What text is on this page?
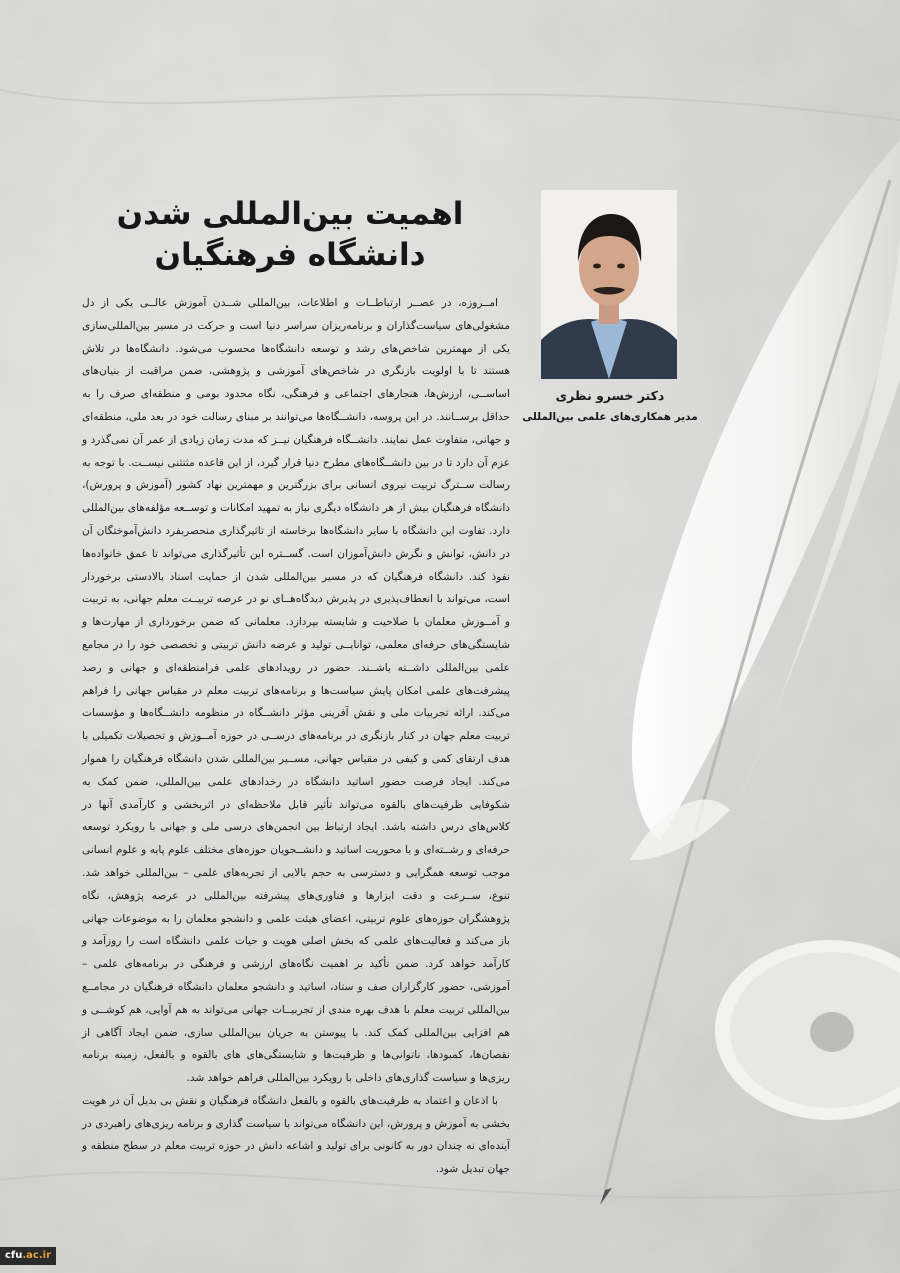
اهمیت بین‌المللی شدن
دانشگاه فرهنگیان

امــروزه، در عصــر ارتباطــات و اطلاعات، بین‌المللی شــدن آموزش عالــی یکی از دل مشغولی‌های سیاست‌گذاران و برنامه‌ریزان سراسر دنیا است و حرکت در مسیر بین‌المللی‌سازی یکی از مهمترین شاخص‌های رشد و توسعه دانشگاه‌ها محسوب می‌شود. دانشگاه‌ها در تلاش هستند تا با اولویت بازنگری در شاخص‌های آموزشی و پژوهشی، ضمن مراقبت از بنیان‌های اساســی، ارزش‌ها، هنجارهای اجتماعی و فرهنگی، نگاه محدود بومی و منطقه‌ای صرف را به حداقل برســانند. در این پروسه، دانشــگاه‌ها می‌توانند بر مبنای رسالت خود در بعد ملی، منطقه‌ای و جهانی، متفاوت عمل نمایند. دانشــگاه فرهنگیان نیــز که مدت زمان زیادی از عمر آن نمی‌گذرد و عزم آن دارد تا در بین دانشــگاه‌های مطرح دنیا قرار گیرد، از این قاعده مثتثنی نیســت. با توجه به رسالت ســترگ تربیت نیروی انسانی برای بزرگترین و مهمترین نهاد کشور (آموزش و پرورش)، دانشگاه فرهنگیان بیش از هر دانشگاه دیگری نیاز به تمهید امکانات و توســعه مؤلفه‌های بین‌المللی دارد. تفاوت این دانشگاه با سایر دانشگاه‌ها برخاسته از تاثیرگذاری منحصربفرد دانش‌آموختگان آن در دانش، توانش و نگرش دانش‌آموزان است. گســتره این تأثیرگذاری می‌تواند تا عمق خانواده‌ها نفوذ کند. دانشگاه فرهنگیان که در مسیر بین‌المللی شدن از حمایت اسناد بالادستی برخوردار است، می‌تواند با انعطاف‌پذیری در پذیرش دیدگاه‌هــای نو در عرصه تربیــت معلم جهانی، به تربیت و آمــوزش معلمان با صلاحیت و شایسته بپردازد. معلمانی که ضمن برخورداری از مهارت‌ها و شایستگی‌های حرفه‌ای معلمی، توانایــی تولید و عرضه دانش تربیتی و تخصصی خود را در مجامع علمی بین‌المللی داشــته باشــند. حضور در رویدادهای علمی فرامنطقه‌ای و جهانی و رصد پیشرفت‌های علمی امکان پایش سیاست‌ها و برنامه‌های تربیت معلم در مقیاس جهانی را فراهم می‌کند. ارائه تجربیات ملی و نقش آفرینی مؤثر دانشــگاه در منظومه دانشــگاه‌ها و مؤسسات تربیت معلم جهان در کنار بازنگری در برنامه‌های درســی در حوزه آمــوزش و تحصیلات تکمیلی با هدف ارتقای کمی و کیفی در مقیاس جهانی، مســیر بین‌المللی شدن دانشگاه فرهنگیان را هموار می‌کند. ایجاد فرصت حضور اساتید دانشگاه در رخدادهای علمی بین‌المللی، ضمن کمک به شکوفایی ظرفیت‌های بالقوه می‌تواند تأثیر قابل ملاحظه‌ای در اثربخشی و کارآمدی آنها در کلاس‌های درس داشته باشد. ایجاد ارتباط بین انجمن‌های درسی ملی و جهانی با رویکرد توسعه حرفه‌ای و رشــته‌ای و با محوریت اساتید و دانشــجویان حوزه‌های مختلف علوم پایه و علوم انسانی موجب توسعه همگرایی و دسترسی به حجم بالایی از تجربه‌های علمی – بین‌المللی خواهد شد. تنوع، ســرعت و دقت ابزارها و فناوری‌های پیشرفته بین‌المللی در عرصه پژوهش، نگاه پژوهشگران حوزه‌های علوم تربیتی، اعضای هیئت علمی و دانشجو معلمان را به موضوعات جهانی باز می‌کند و فعالیت‌های علمی که بخش اصلی هویت و حیات علمی دانشگاه است را روزآمد و کارآمد خواهد کرد. ضمن تأکید بر اهمیت نگاه‌های ارزشی و فرهنگی در برنامه‌های علمی – آموزشی، حضور کارگزاران صف و ستاد، اساتید و دانشجو معلمان دانشگاه فرهنگیان در مجامــع بین‌المللی تربیت معلم با هدف بهره مندی از تجربیــات جهانی می‌تواند به هم آوایی، هم کوشــی و هم افزایی بین‌المللی کمک کند. با پیوستن به جریان بین‌المللی سازی، ضمن ایجاد آگاهی از نقصان‌ها، کمبودها، ناتوانی‌ها و ظرفیت‌ها و شایستگی‌های های بالقوه و بالفعل، زمینه برنامه ریزی‌ها و سیاست گذاری‌های داخلی با رویکرد بین‌المللی فراهم خواهد شد.

با اذعان و اعتماد به ظرفیت‌های بالقوه و بالفعل دانشگاه فرهنگیان و نقش بی بدیل آن در هویت بخشی به آموزش و پرورش، این دانشگاه می‌تواند با سیاست گذاری و برنامه ریزی‌های راهبردی در آینده‌ای نه چندان دور به کانونی برای تولید و اشاعه دانش در حوزه تربیت معلم در سطح منطقه و جهان تبدیل شود.

دکتر خسرو نظری
مدیر همکاری‌های علمی بین‌المللی
cfu.ac.ir
